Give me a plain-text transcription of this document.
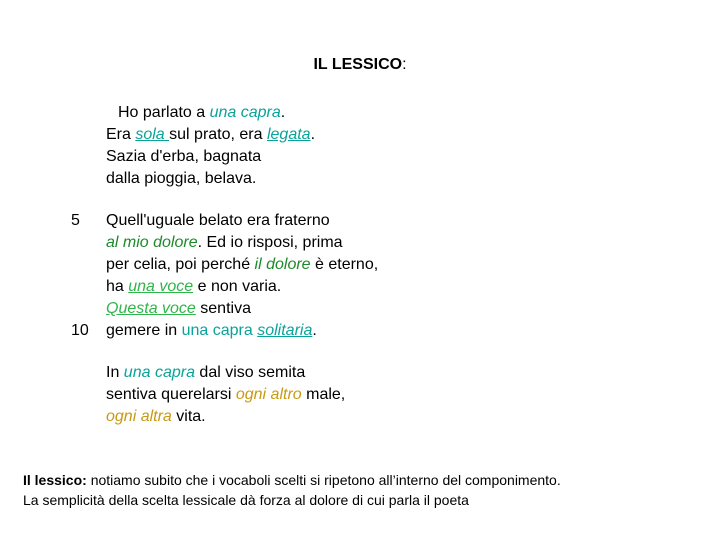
IL LESSICO:
Ho parlato a una capra.
Era sola sul prato, era legata.
Sazia d'erba, bagnata
dalla pioggia, belava.
5 Quell'uguale belato era fraterno
al mio dolore. Ed io risposi, prima
per celia, poi perché il dolore è eterno,
ha una voce e non varia.
Questa voce sentiva
10 gemere in una capra solitaria.
In una capra dal viso semita
sentiva querelarsi ogni altro male,
ogni altra vita.
Il lessico: notiamo subito che i vocaboli scelti si ripetono all’interno del componimento.
La semplicità della scelta lessicale dà forza al dolore di cui parla il poeta
